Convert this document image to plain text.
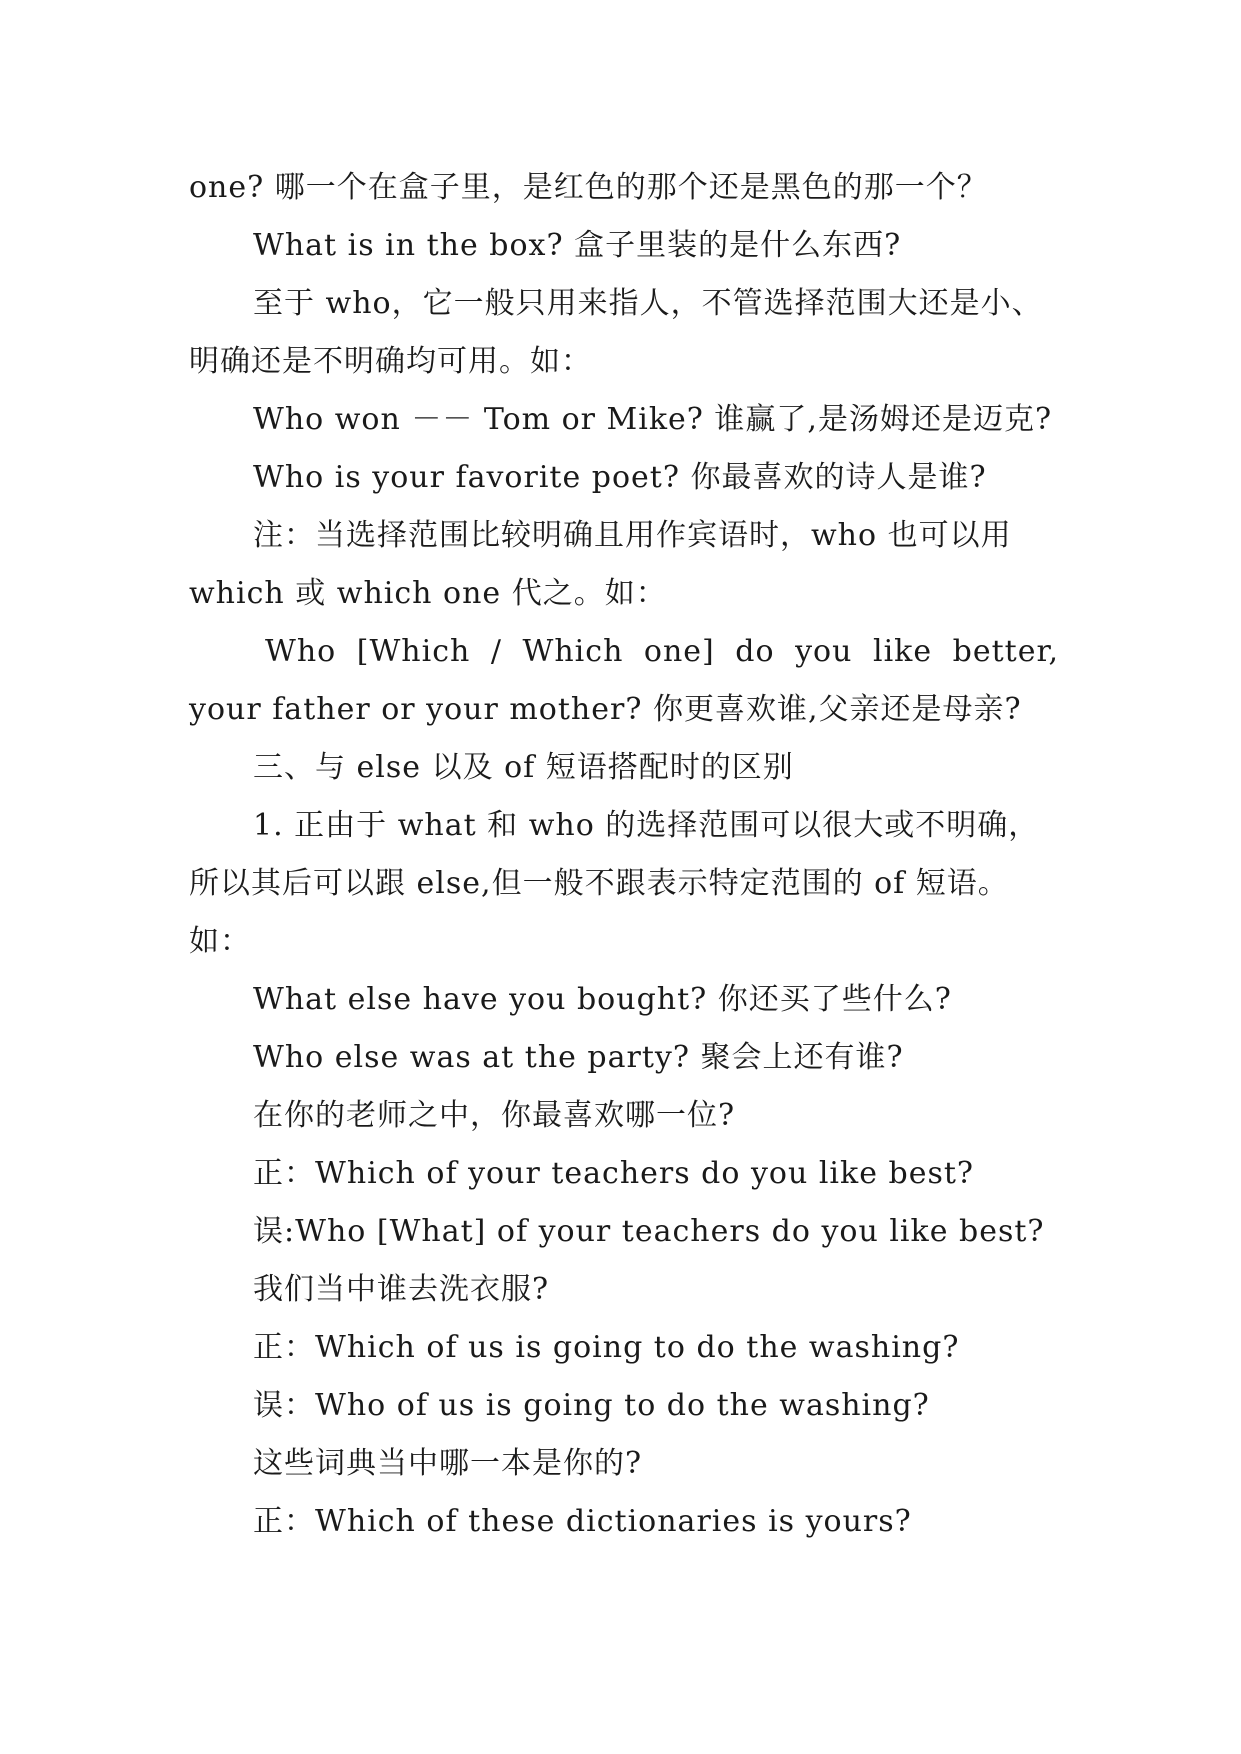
one? 哪一个在盒子里，是红色的那个还是黑色的那一个？
What is in the box? 盒子里装的是什么东西?
至于 who，它一般只用来指人，不管选择范围大还是小、
明确还是不明确均可用。如：
Who won －－ Tom or Mike? 谁赢了,是汤姆还是迈克?
Who is your favorite poet? 你最喜欢的诗人是谁?
注：当选择范围比较明确且用作宾语时，who 也可以用
which 或 which one 代之。如：
Who [Which / Which one] do you like better,
your father or your mother? 你更喜欢谁,父亲还是母亲?
三、与 else 以及 of 短语搭配时的区别
1. 正由于 what 和 who 的选择范围可以很大或不明确，
所以其后可以跟 else,但一般不跟表示特定范围的 of 短语。
如：
What else have you bought? 你还买了些什么?
Who else was at the party? 聚会上还有谁?
在你的老师之中，你最喜欢哪一位?
正：Which of your teachers do you like best?
误:Who [What] of your teachers do you like best?
我们当中谁去洗衣服?
正：Which of us is going to do the washing?
误：Who of us is going to do the washing?
这些词典当中哪一本是你的?
正：Which of these dictionaries is yours?
